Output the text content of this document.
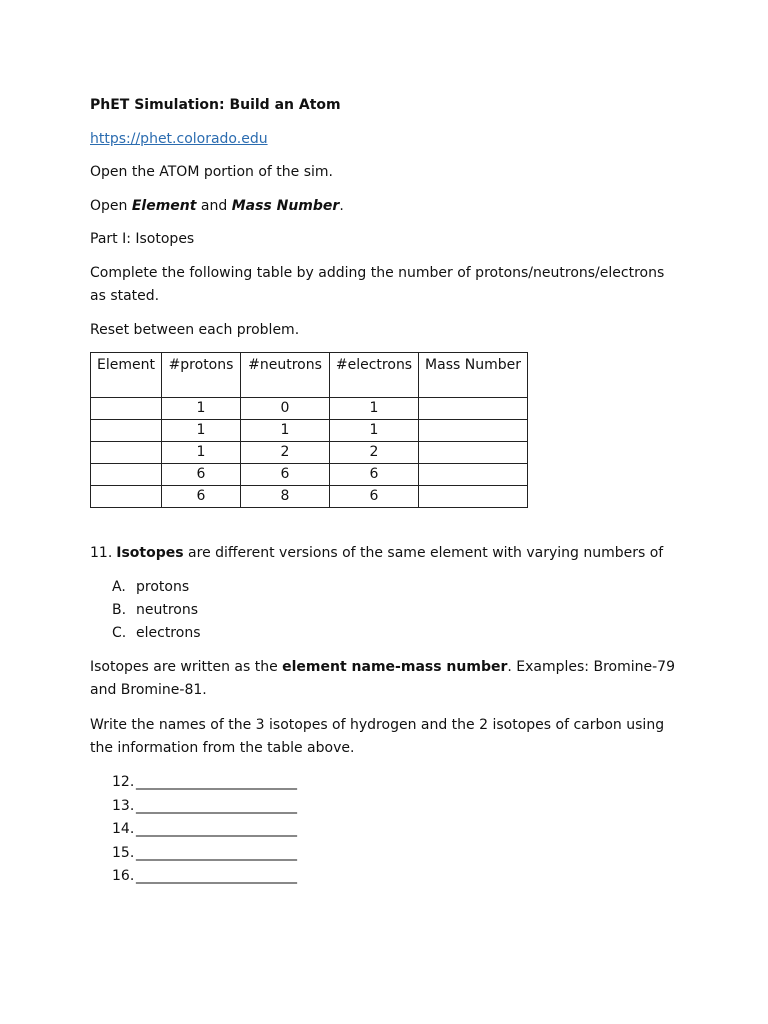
PhET Simulation: Build an Atom
https://phet.colorado.edu
Open the ATOM portion of the sim.
Open Element and Mass Number.
Part I: Isotopes
Complete the following table by adding the number of protons/neutrons/electrons as stated.
Reset between each problem.
Element	#protons	#neutrons	#electrons	Mass Number
	1	0	1	
	1	1	1	
	1	2	2	
	6	6	6	
	6	8	6	
11. Isotopes are different versions of the same element with varying numbers of
A. protons
B. neutrons
C. electrons
Isotopes are written as the element name-mass number. Examples: Bromine-79 and Bromine-81.
Write the names of the 3 isotopes of hydrogen and the 2 isotopes of carbon using the information from the table above.
12. _______________________
13. _______________________
14. _______________________
15. _______________________
16. _______________________
